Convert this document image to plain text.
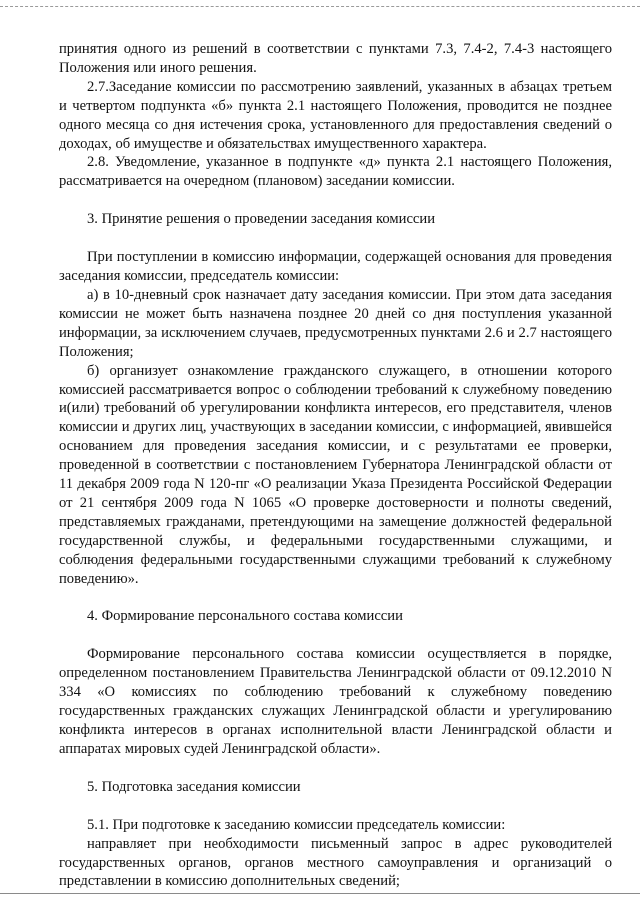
принятия одного из решений в соответствии с пунктами 7.3, 7.4-2, 7.4-3 настоящего Положения или иного решения.

2.7.Заседание комиссии по рассмотрению заявлений, указанных в абзацах третьем и четвертом подпункта «б» пункта 2.1 настоящего Положения, проводится не позднее одного месяца со дня истечения срока, установленного для предоставления сведений о доходах, об имуществе и обязательствах имущественного характера.

2.8. Уведомление, указанное в подпункте «д» пункта 2.1 настоящего Положения, рассматривается на очередном (плановом) заседании комиссии.

3. Принятие решения о проведении заседания комиссии

При поступлении в комиссию информации, содержащей основания для проведения заседания комиссии, председатель комиссии:

а) в 10-дневный срок назначает дату заседания комиссии. При этом дата заседания комиссии не может быть назначена позднее 20 дней со дня поступления указанной информации, за исключением случаев, предусмотренных пунктами 2.6 и 2.7 настоящего Положения;

б) организует ознакомление гражданского служащего, в отношении которого комиссией рассматривается вопрос о соблюдении требований к служебному поведению и(или) требований об урегулировании конфликта интересов, его представителя, членов комиссии и других лиц, участвующих в заседании комиссии, с информацией, явившейся основанием для проведения заседания комиссии, и с результатами ее проверки, проведенной в соответствии с постановлением Губернатора Ленинградской области от 11 декабря 2009 года N 120-пг «О реализации Указа Президента Российской Федерации от 21 сентября 2009 года N 1065 «О проверке достоверности и полноты сведений, представляемых гражданами, претендующими на замещение должностей федеральной государственной службы, и федеральными государственными служащими, и соблюдения федеральными государственными служащими требований к служебному поведению».

4. Формирование персонального состава комиссии

Формирование персонального состава комиссии осуществляется в порядке, определенном постановлением Правительства Ленинградской области от 09.12.2010 N 334 «О комиссиях по соблюдению требований к служебному поведению государственных гражданских служащих Ленинградской области и урегулированию конфликта интересов в органах исполнительной власти Ленинградской области и аппаратах мировых судей Ленинградской области».

5. Подготовка заседания комиссии

5.1. При подготовке к заседанию комиссии председатель комиссии:

направляет при необходимости письменный запрос в адрес руководителей государственных органов, органов местного самоуправления и организаций о представлении в комиссию дополнительных сведений;
